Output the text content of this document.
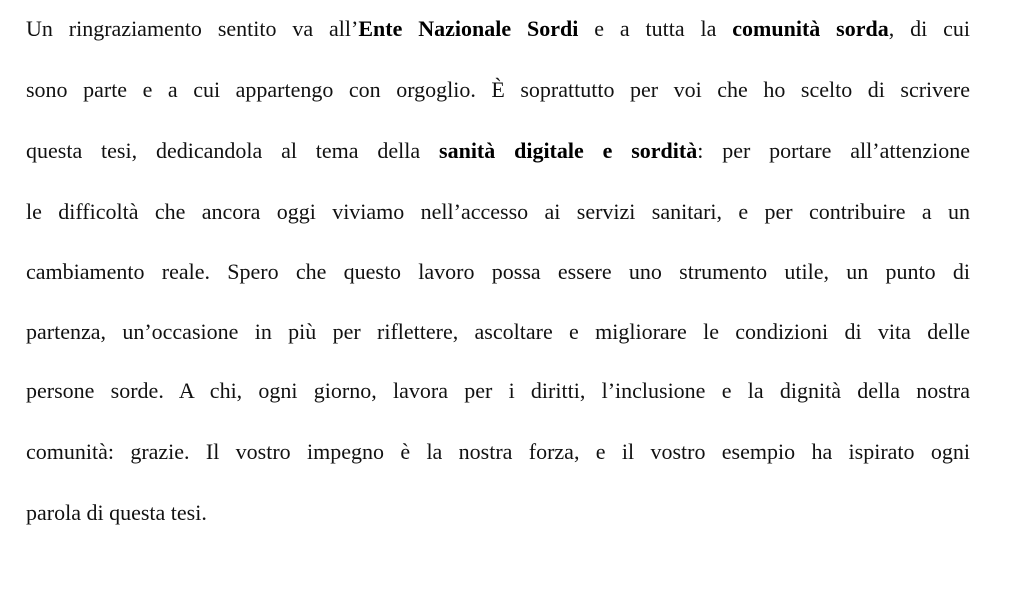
Un ringraziamento sentito va all’Ente Nazionale Sordi e a tutta la comunità sorda, di cui
sono parte e a cui appartengo con orgoglio. È soprattutto per voi che ho scelto di scrivere
questa tesi, dedicandola al tema della sanità digitale e sordità: per portare all’attenzione
le difficoltà che ancora oggi viviamo nell’accesso ai servizi sanitari, e per contribuire a un
cambiamento reale. Spero che questo lavoro possa essere uno strumento utile, un punto di
partenza, un’occasione in più per riflettere, ascoltare e migliorare le condizioni di vita delle
persone sorde. A chi, ogni giorno, lavora per i diritti, l’inclusione e la dignità della nostra
comunità: grazie. Il vostro impegno è la nostra forza, e il vostro esempio ha ispirato ogni
parola di questa tesi.
